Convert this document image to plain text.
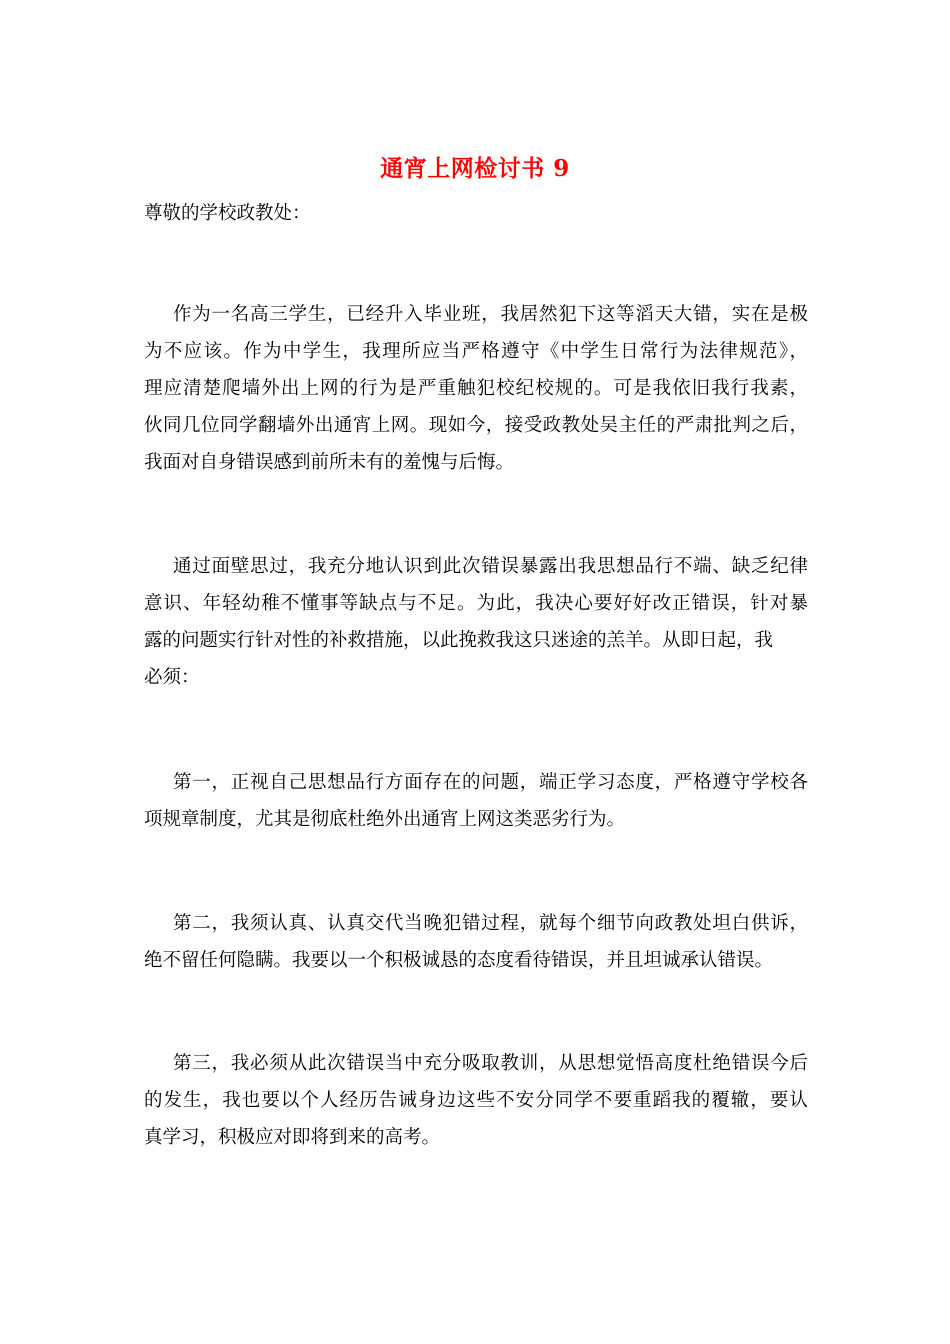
通宵上网检讨书 9
尊敬的学校政教处：
作为一名高三学生，已经升入毕业班，我居然犯下这等滔天大错，实在是极
为不应该。作为中学生，我理所应当严格遵守《中学生日常行为法律规范》，
理应清楚爬墙外出上网的行为是严重触犯校纪校规的。可是我依旧我行我素，
伙同几位同学翻墙外出通宵上网。现如今，接受政教处吴主任的严肃批判之后，
我面对自身错误感到前所未有的羞愧与后悔。
通过面壁思过，我充分地认识到此次错误暴露出我思想品行不端、缺乏纪律
意识、年轻幼稚不懂事等缺点与不足。为此，我决心要好好改正错误，针对暴
露的问题实行针对性的补救措施，以此挽救我这只迷途的羔羊。从即日起，我
必须：
第一，正视自己思想品行方面存在的问题，端正学习态度，严格遵守学校各
项规章制度，尤其是彻底杜绝外出通宵上网这类恶劣行为。
第二，我须认真、认真交代当晚犯错过程，就每个细节向政教处坦白供诉，
绝不留任何隐瞒。我要以一个积极诚恳的态度看待错误，并且坦诚承认错误。
第三，我必须从此次错误当中充分吸取教训，从思想觉悟高度杜绝错误今后
的发生，我也要以个人经历告诫身边这些不安分同学不要重蹈我的覆辙，要认
真学习，积极应对即将到来的高考。
